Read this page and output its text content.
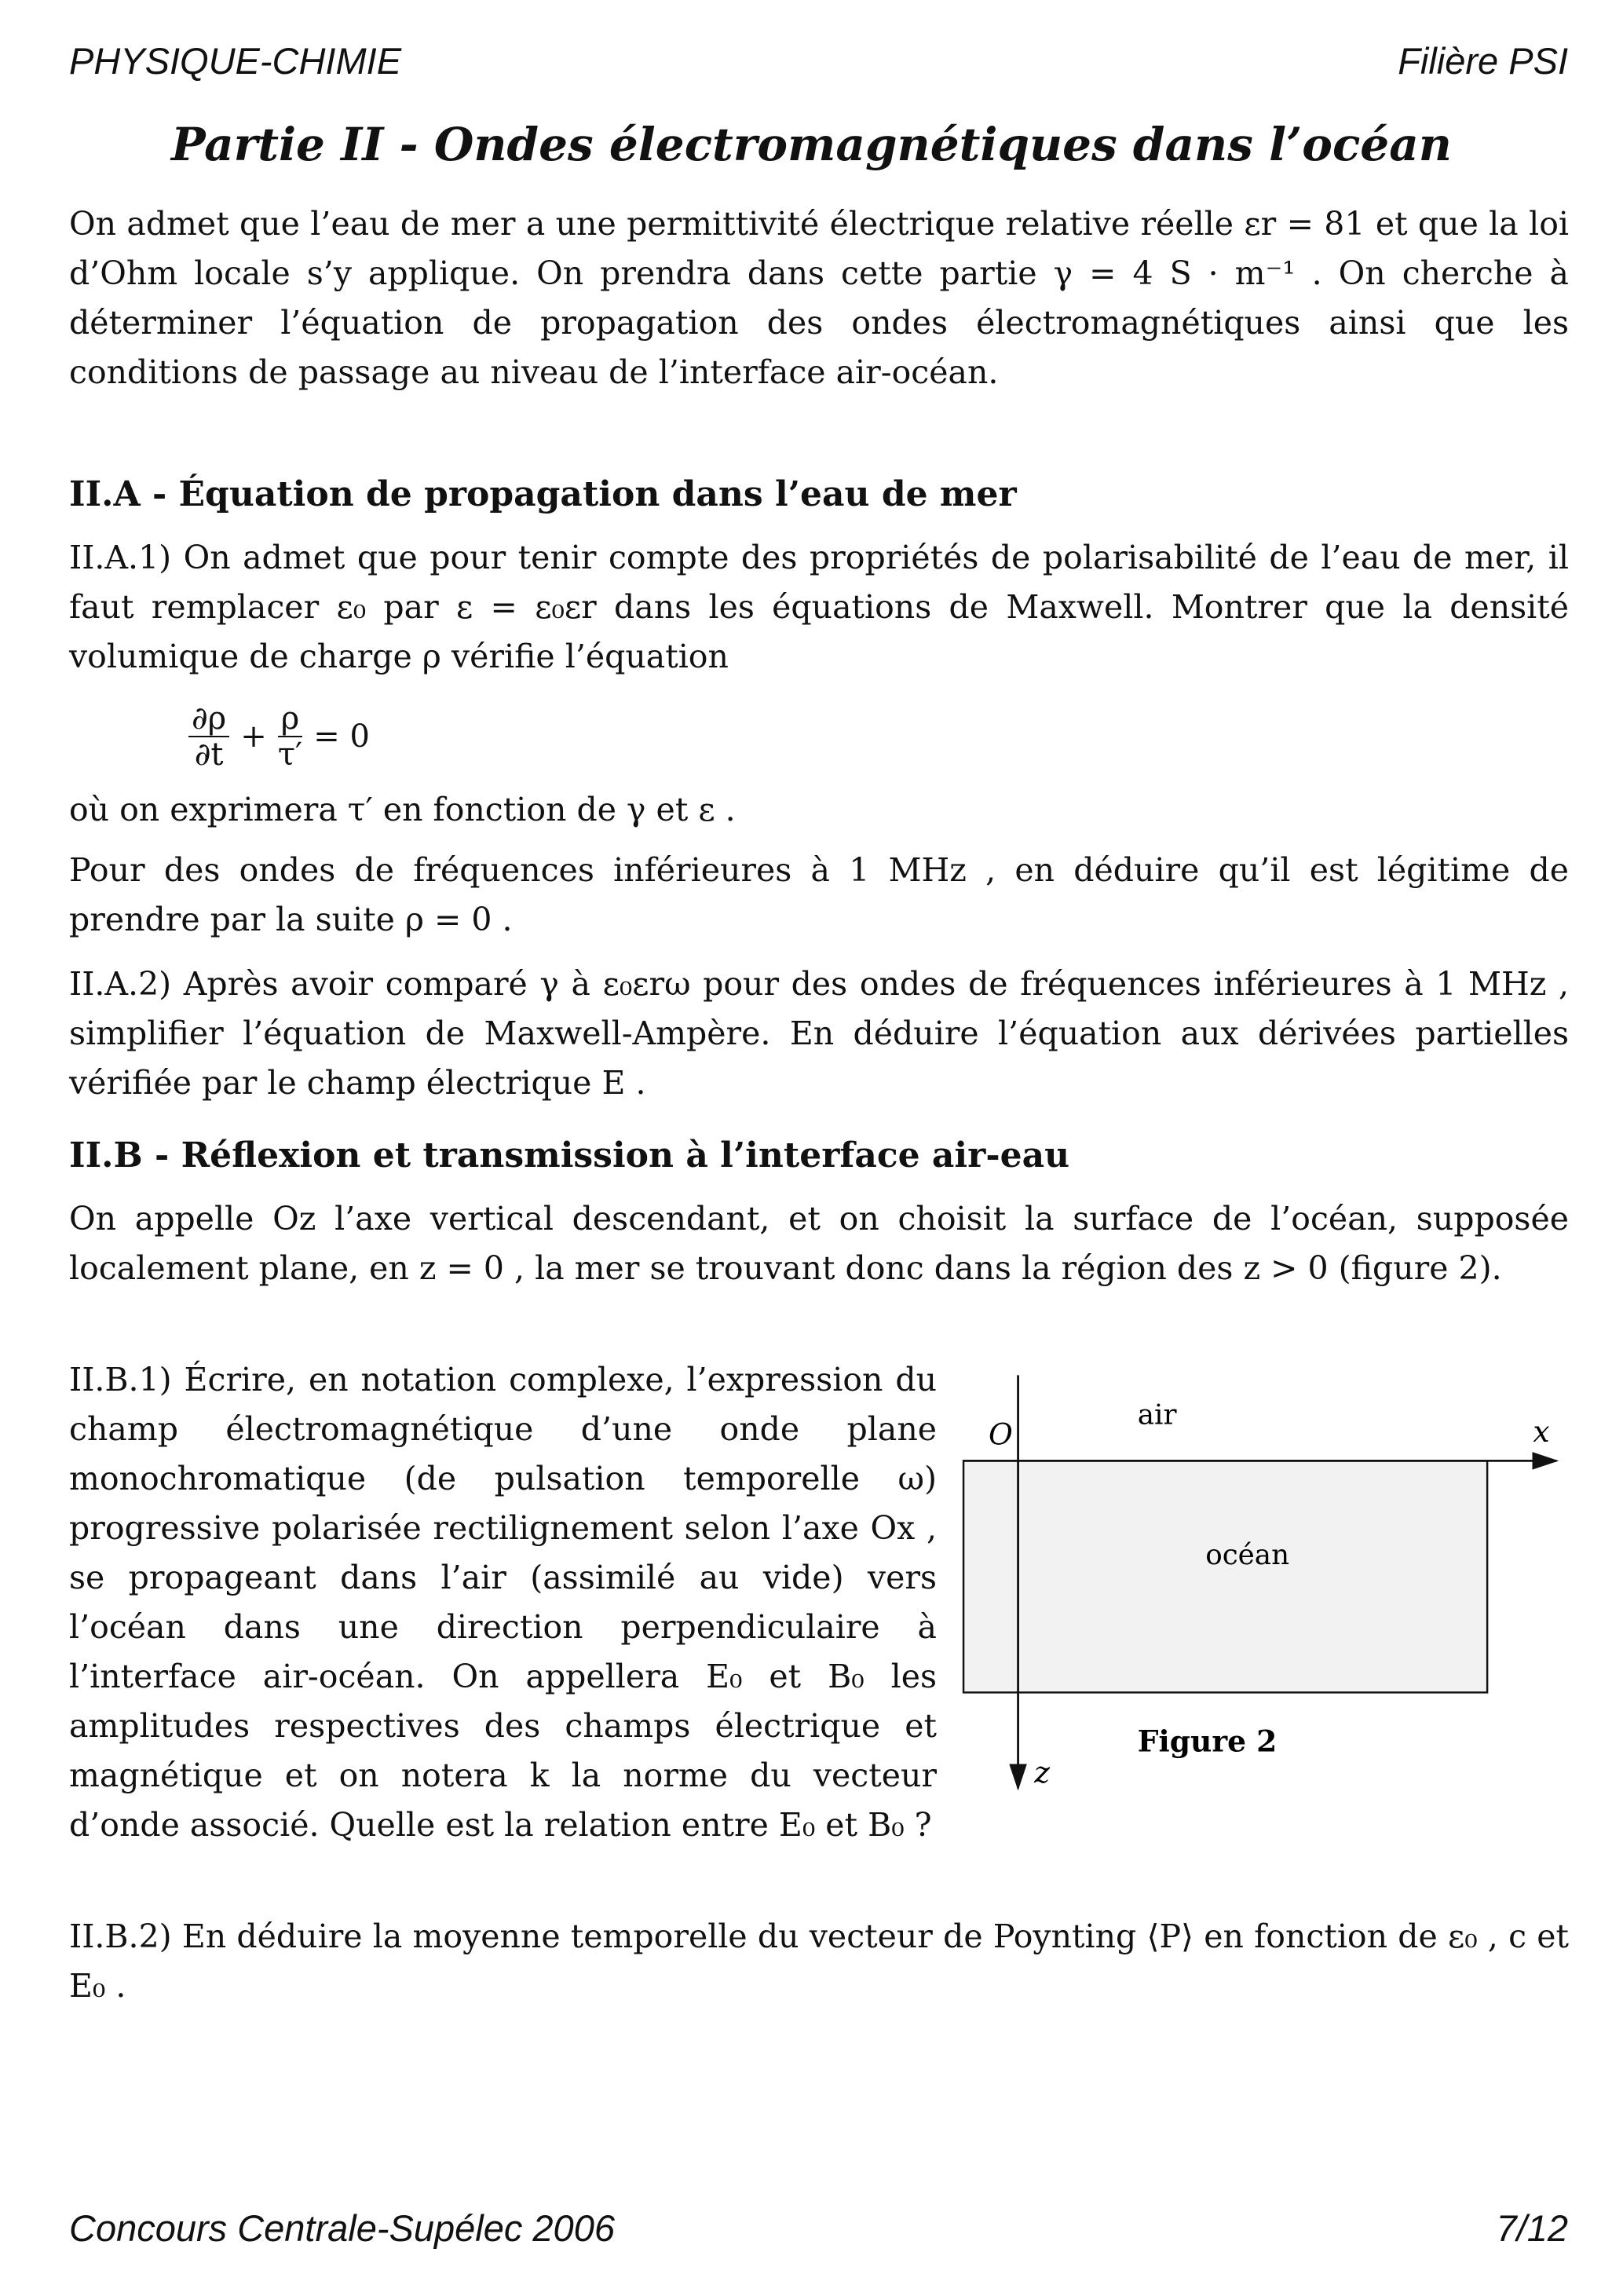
PHYSIQUE-CHIMIE	Filière PSI
Partie II - Ondes électromagnétiques dans l’océan
On admet que l’eau de mer a une permittivité électrique relative réelle εr = 81 et que la loi d’Ohm locale s’y applique. On prendra dans cette partie γ = 4 S · m⁻¹ . On cherche à déterminer l’équation de propagation des ondes électromagnétiques ainsi que les conditions de passage au niveau de l’interface air-océan.
II.A - Équation de propagation dans l’eau de mer
II.A.1) On admet que pour tenir compte des propriétés de polarisabilité de l’eau de mer, il faut remplacer ε₀ par ε = ε₀εr dans les équations de Maxwell. Montrer que la densité volumique de charge ρ vérifie l’équation
$\frac{\partial\rho}{\partial t} + \frac{\rho}{\tau'} = 0$
où on exprimera τ′ en fonction de γ et ε .
Pour des ondes de fréquences inférieures à 1 MHz , en déduire qu’il est légitime de prendre par la suite ρ = 0 .
II.A.2) Après avoir comparé γ à ε₀εrω pour des ondes de fréquences inférieures à 1 MHz , simplifier l’équation de Maxwell-Ampère. En déduire l’équation aux dérivées partielles vérifiée par le champ électrique E .
II.B - Réflexion et transmission à l’interface air-eau
On appelle Oz l’axe vertical descendant, et on choisit la surface de l’océan, supposée localement plane, en z = 0 , la mer se trouvant donc dans la région des z > 0 (figure 2).
II.B.1) Écrire, en notation complexe, l’expression du champ électromagnétique d’une onde plane monochromatique (de pulsation temporelle ω) progressive polarisée rectilignement selon l’axe Ox , se propageant dans l’air (assimilé au vide) vers l’océan dans une direction perpendiculaire à l’interface air-océan. On appellera E₀ et B₀ les amplitudes respectives des champs électrique et magnétique et on notera k la norme du vecteur d’onde associé. Quelle est la relation entre E₀ et B₀ ?
II.B.2) En déduire la moyenne temporelle du vecteur de Poynting ⟨P⟩ en fonction de ε₀ , c et E₀ .
O
air	x
océan
z
Figure 2
Concours Centrale-Supélec 2006	7/12
